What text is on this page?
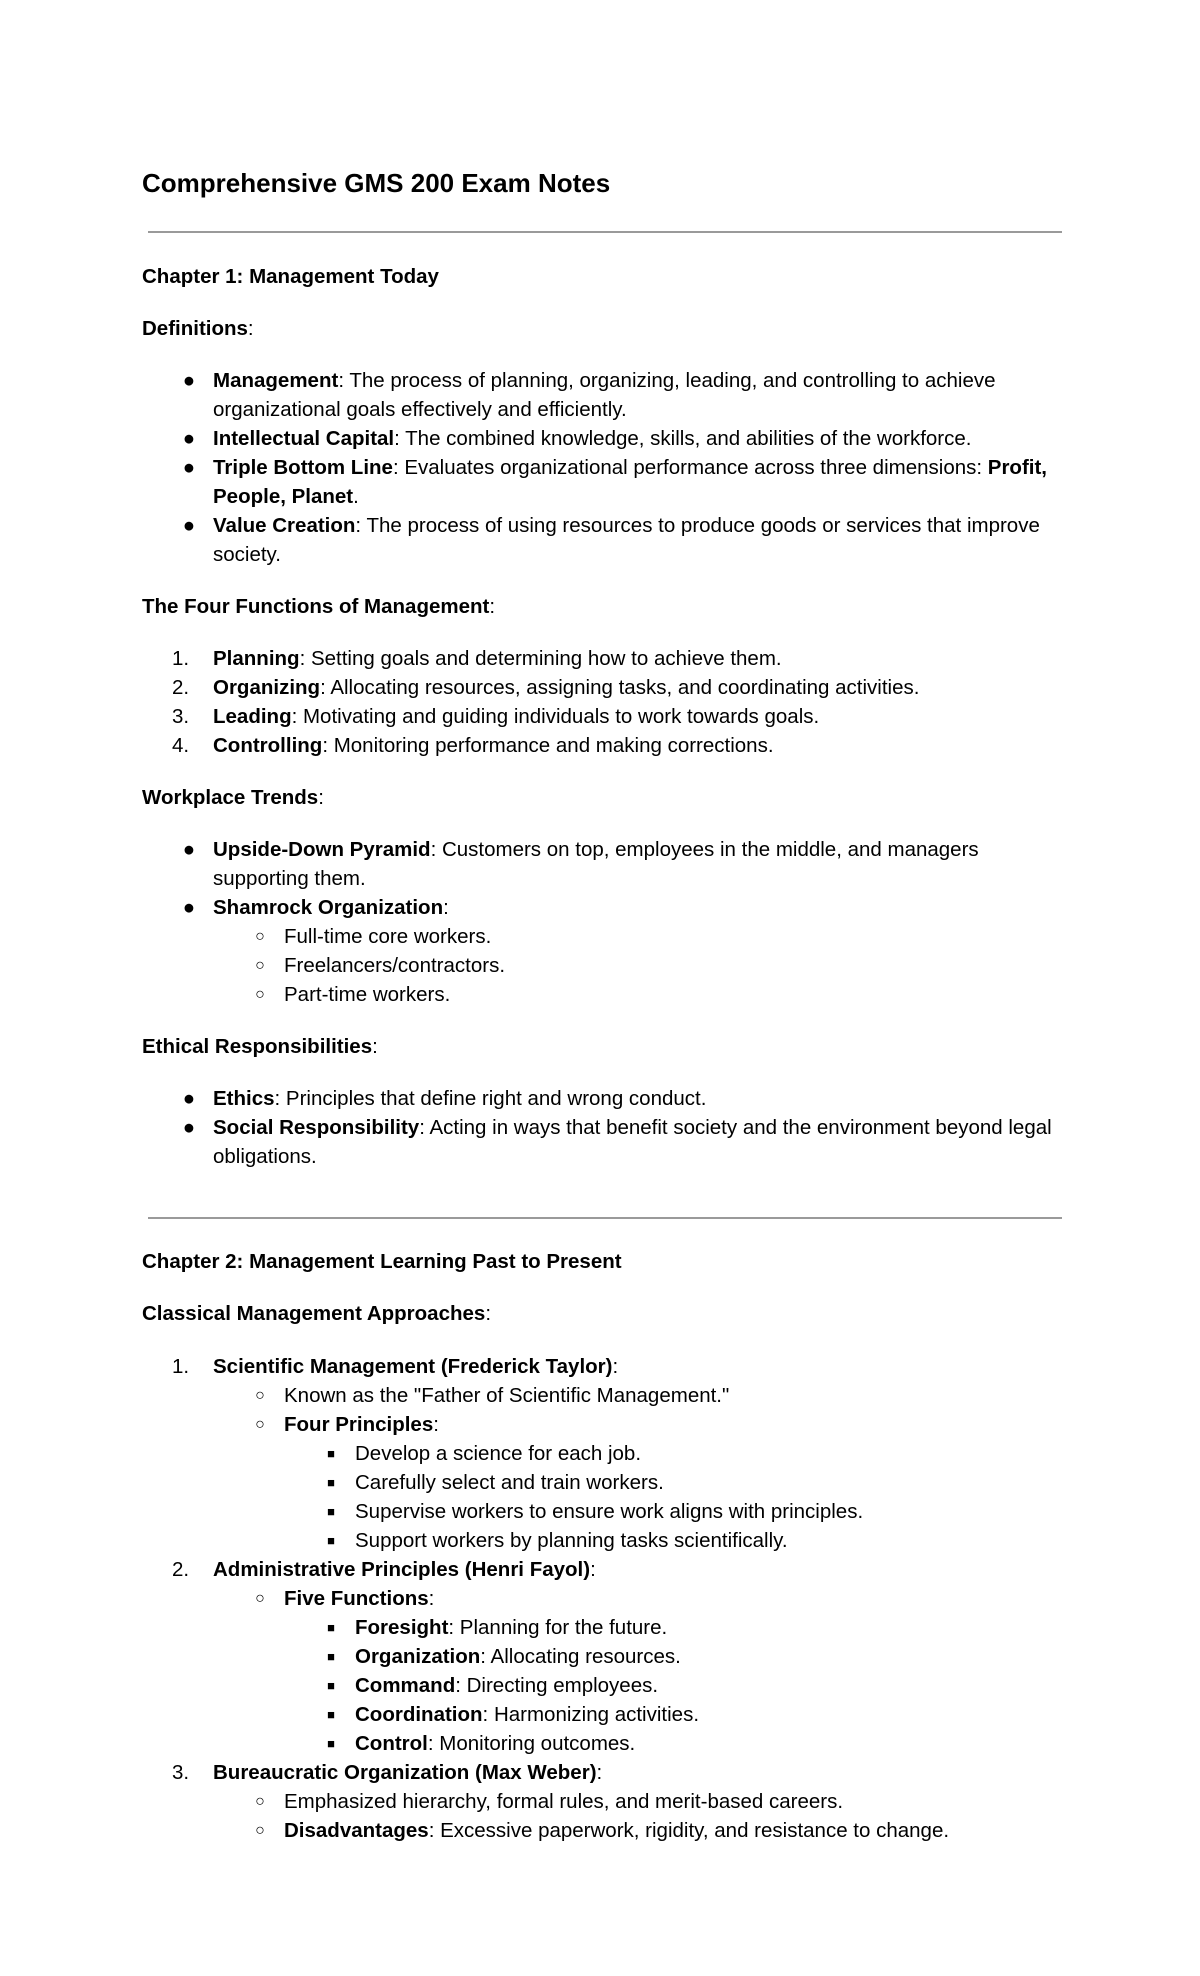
Comprehensive GMS 200 Exam Notes

Chapter 1: Management Today

Definitions:

● Management: The process of planning, organizing, leading, and controlling to achieve organizational goals effectively and efficiently.
● Intellectual Capital: The combined knowledge, skills, and abilities of the workforce.
● Triple Bottom Line: Evaluates organizational performance across three dimensions: Profit, People, Planet.
● Value Creation: The process of using resources to produce goods or services that improve society.

The Four Functions of Management:

1.	Planning: Setting goals and determining how to achieve them.
2.	Organizing: Allocating resources, assigning tasks, and coordinating activities.
3.	Leading: Motivating and guiding individuals to work towards goals.
4.	Controlling: Monitoring performance and making corrections.

Workplace Trends:

● Upside-Down Pyramid: Customers on top, employees in the middle, and managers supporting them.
● Shamrock Organization:
○ Full-time core workers.
○ Freelancers/contractors.
○ Part-time workers.

Ethical Responsibilities:

● Ethics: Principles that define right and wrong conduct.
● Social Responsibility: Acting in ways that benefit society and the environment beyond legal obligations.

Chapter 2: Management Learning Past to Present

Classical Management Approaches:

1.	Scientific Management (Frederick Taylor):
○ Known as the "Father of Scientific Management."
○ Four Principles:
■ Develop a science for each job.
■ Carefully select and train workers.
■ Supervise workers to ensure work aligns with principles.
■ Support workers by planning tasks scientifically.
2.	Administrative Principles (Henri Fayol):
○ Five Functions:
■ Foresight: Planning for the future.
■ Organization: Allocating resources.
■ Command: Directing employees.
■ Coordination: Harmonizing activities.
■ Control: Monitoring outcomes.
3.	Bureaucratic Organization (Max Weber):
○ Emphasized hierarchy, formal rules, and merit-based careers.
○ Disadvantages: Excessive paperwork, rigidity, and resistance to change.
